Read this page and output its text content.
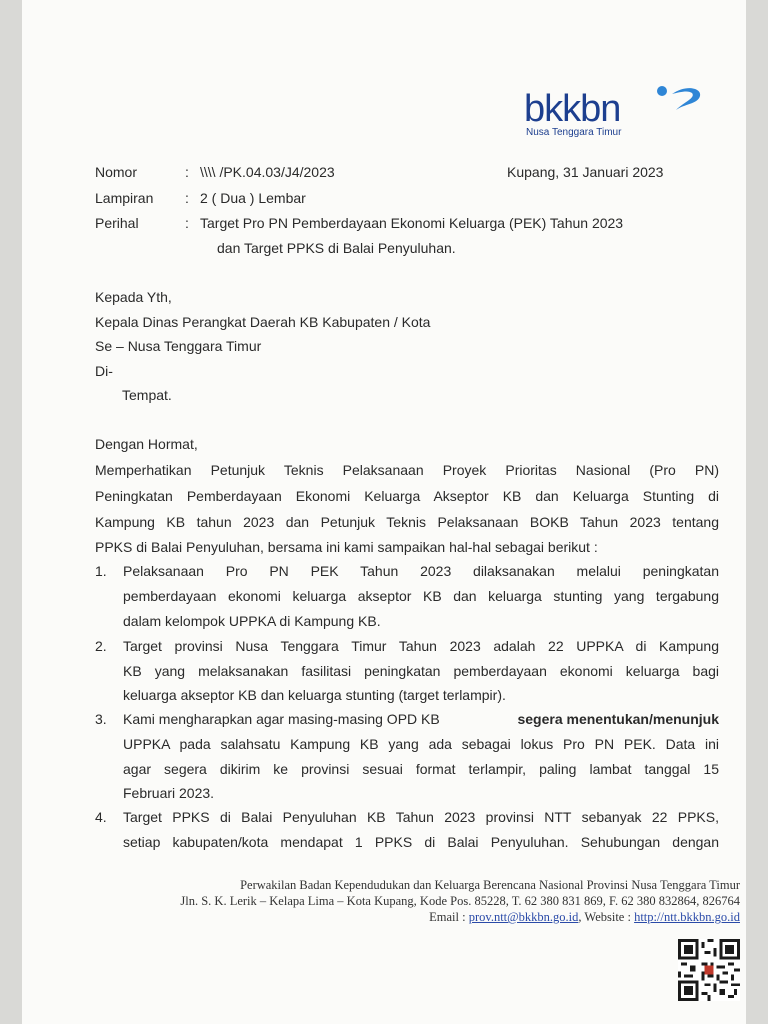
bkkbn
Nusa Tenggara Timur
Nomor	: \\\\ /PK.04.03/J4/2023	Kupang, 31 Januari 2023
Lampiran : 2 ( Dua ) Lembar
Perihal	: Target Pro PN Pemberdayaan Ekonomi Keluarga (PEK) Tahun 2023
dan Target PPKS di Balai Penyuluhan.
Kepada Yth,
Kepala Dinas Perangkat Daerah KB Kabupaten / Kota
Se – Nusa Tenggara Timur
Di-
Tempat.
Dengan Hormat,
Memperhatikan Petunjuk Teknis Pelaksanaan Proyek Prioritas Nasional (Pro PN)
Peningkatan Pemberdayaan Ekonomi Keluarga Akseptor KB dan Keluarga Stunting di
Kampung KB tahun 2023 dan Petunjuk Teknis Pelaksanaan BOKB Tahun 2023 tentang
PPKS di Balai Penyuluhan, bersama ini kami sampaikan hal-hal sebagai berikut :
1. Pelaksanaan Pro PN PEK Tahun 2023 dilaksanakan melalui peningkatan
pemberdayaan ekonomi keluarga akseptor KB dan keluarga stunting yang tergabung
dalam kelompok UPPKA di Kampung KB.
2. Target provinsi Nusa Tenggara Timur Tahun 2023 adalah 22 UPPKA di Kampung
KB yang melaksanakan fasilitasi peningkatan pemberdayaan ekonomi keluarga bagi
keluarga akseptor KB dan keluarga stunting (target terlampir).
3. Kami mengharapkan agar masing-masing OPD KB	segera menentukan/menunjuk
UPPKA pada salahsatu Kampung KB yang ada sebagai lokus Pro PN PEK. Data ini
agar segera dikirim ke provinsi sesuai format terlampir, paling lambat tanggal 15
Februari 2023.
4. Target PPKS di Balai Penyuluhan KB Tahun 2023 provinsi NTT sebanyak 22 PPKS,
setiap kabupaten/kota mendapat 1 PPKS di Balai Penyuluhan. Sehubungan dengan
Perwakilan Badan Kependudukan dan Keluarga Berencana Nasional Provinsi Nusa Tenggara Timur
Jln. S. K. Lerik – Kelapa Lima – Kota Kupang, Kode Pos. 85228, T. 62 380 831 869, F. 62 380 832864, 826764
Email : prov.ntt@bkkbn.go.id, Website : http://ntt.bkkbn.go.id
